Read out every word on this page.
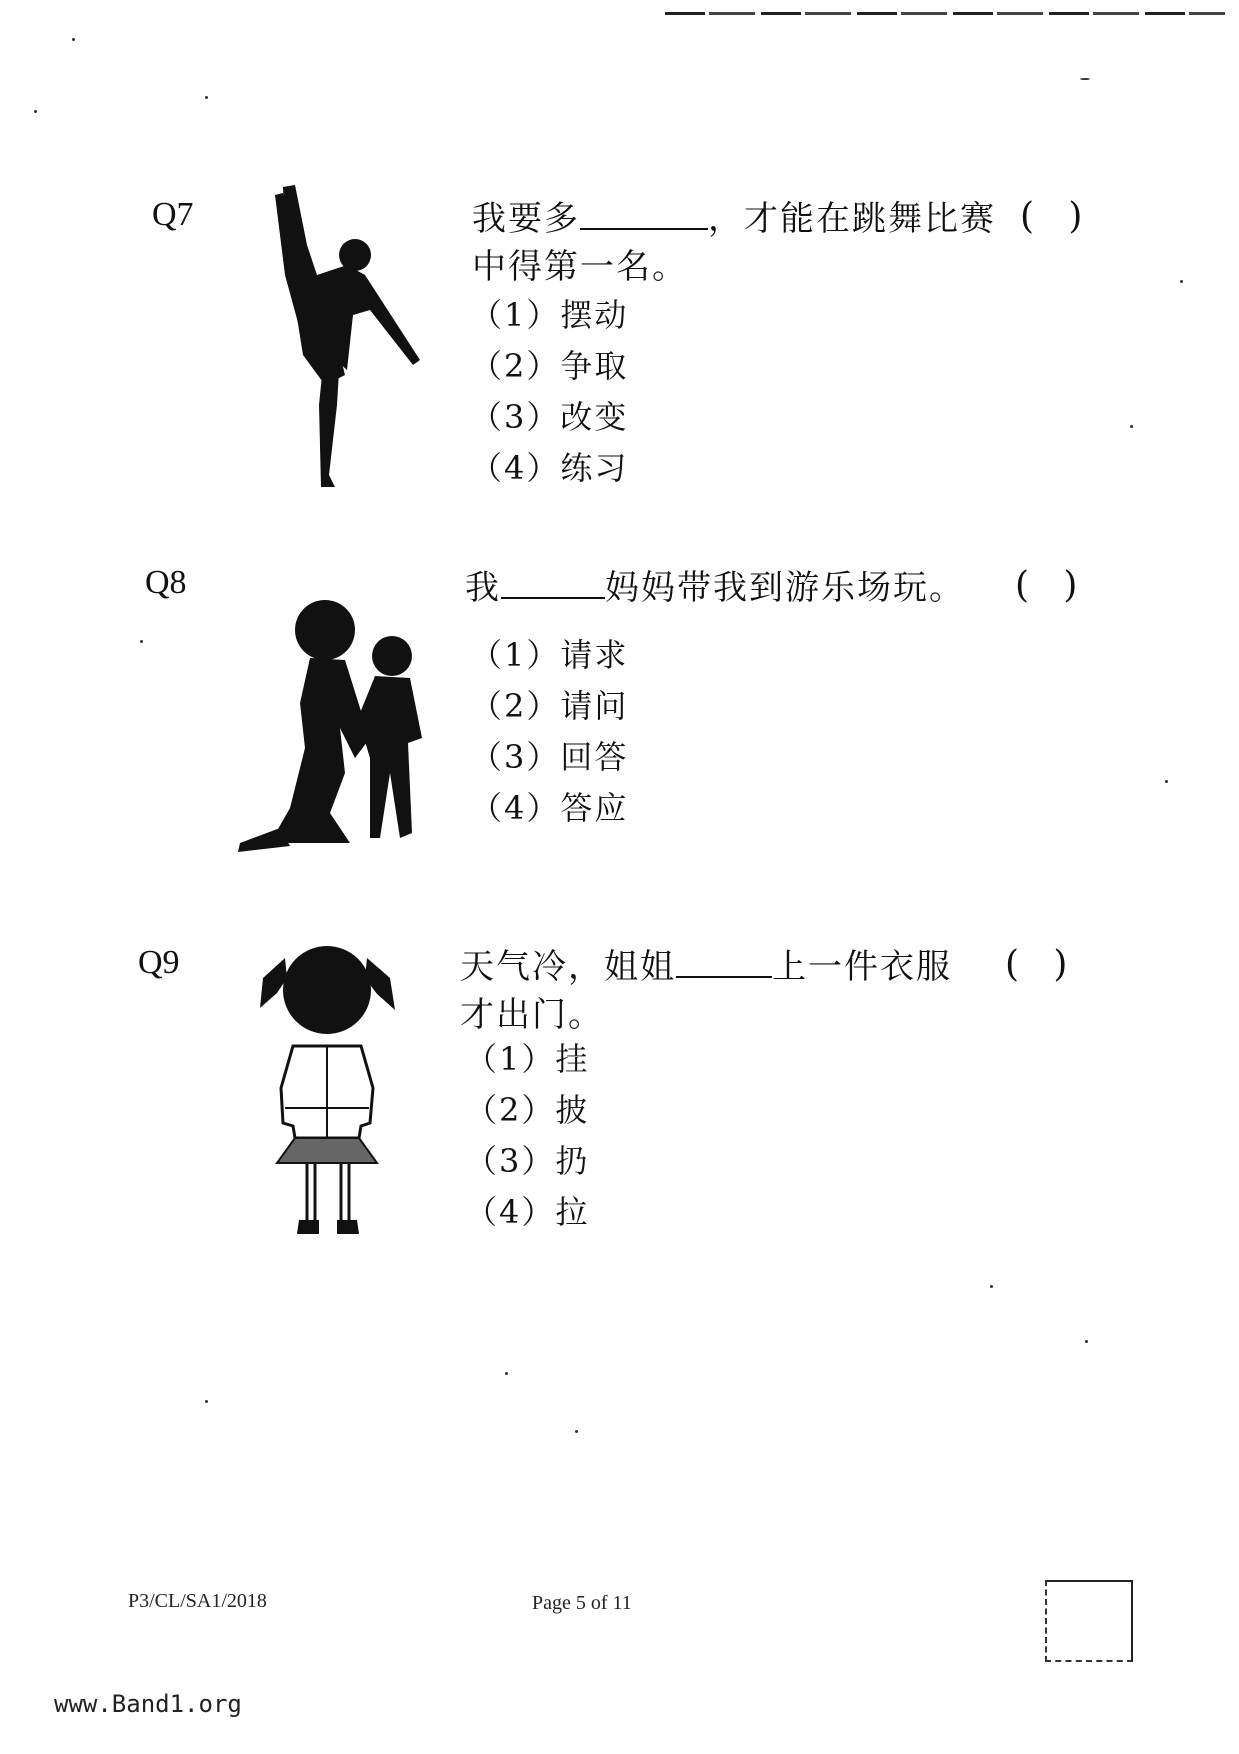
Q7	我要多	，才能在跳舞比赛
中得第一名。
(   )
（1）摆动
（2）争取
（3）改变
（4）练习
Q8	我	妈妈带我到游乐场玩。 (   )
（1）请求
（2）请问
（3）回答
（4）答应
Q9	天气冷，姐姐	上一件衣服
才出门。
(   )
（1）挂
（2）披
（3）扔
（4）拉
P3/CL/SA1/2018	Page 5 of 11
www.Band1.org
